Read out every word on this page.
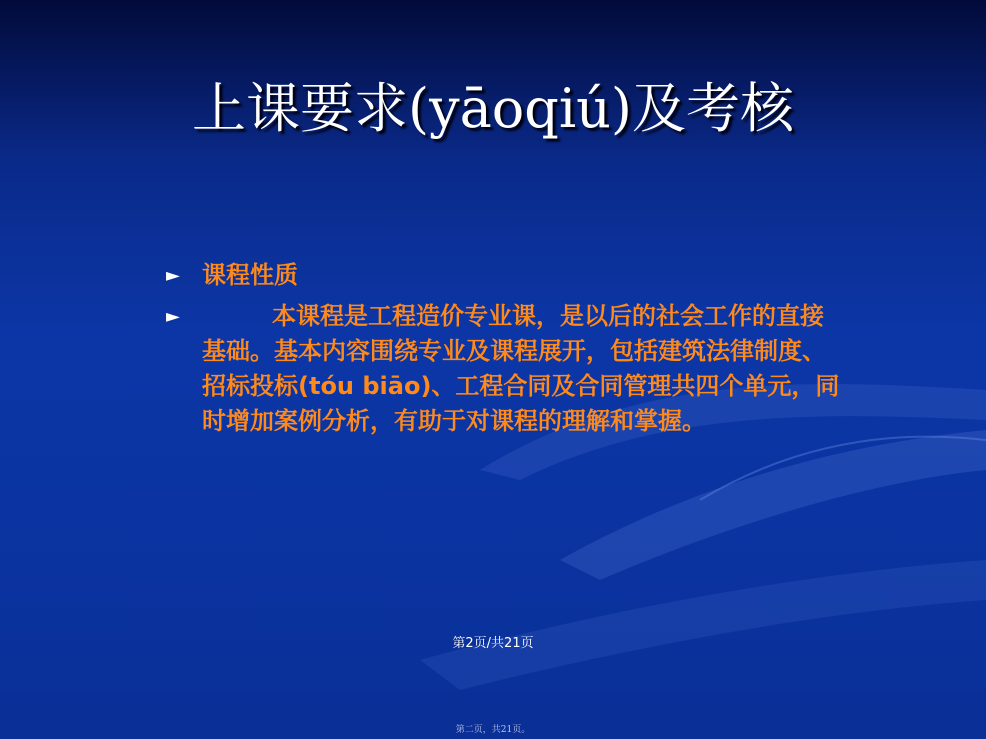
上课要求(yāoqiú)及考核
► 课程性质
►	本课程是工程造价专业课，是以后的社会工作的直接基础。基本内容围绕专业及课程展开，包括建筑法律制度、招标投标(tóu biāo)、工程合同及合同管理共四个单元，同时增加案例分析，有助于对课程的理解和掌握。
第2页/共21页
第二页，共21页。
